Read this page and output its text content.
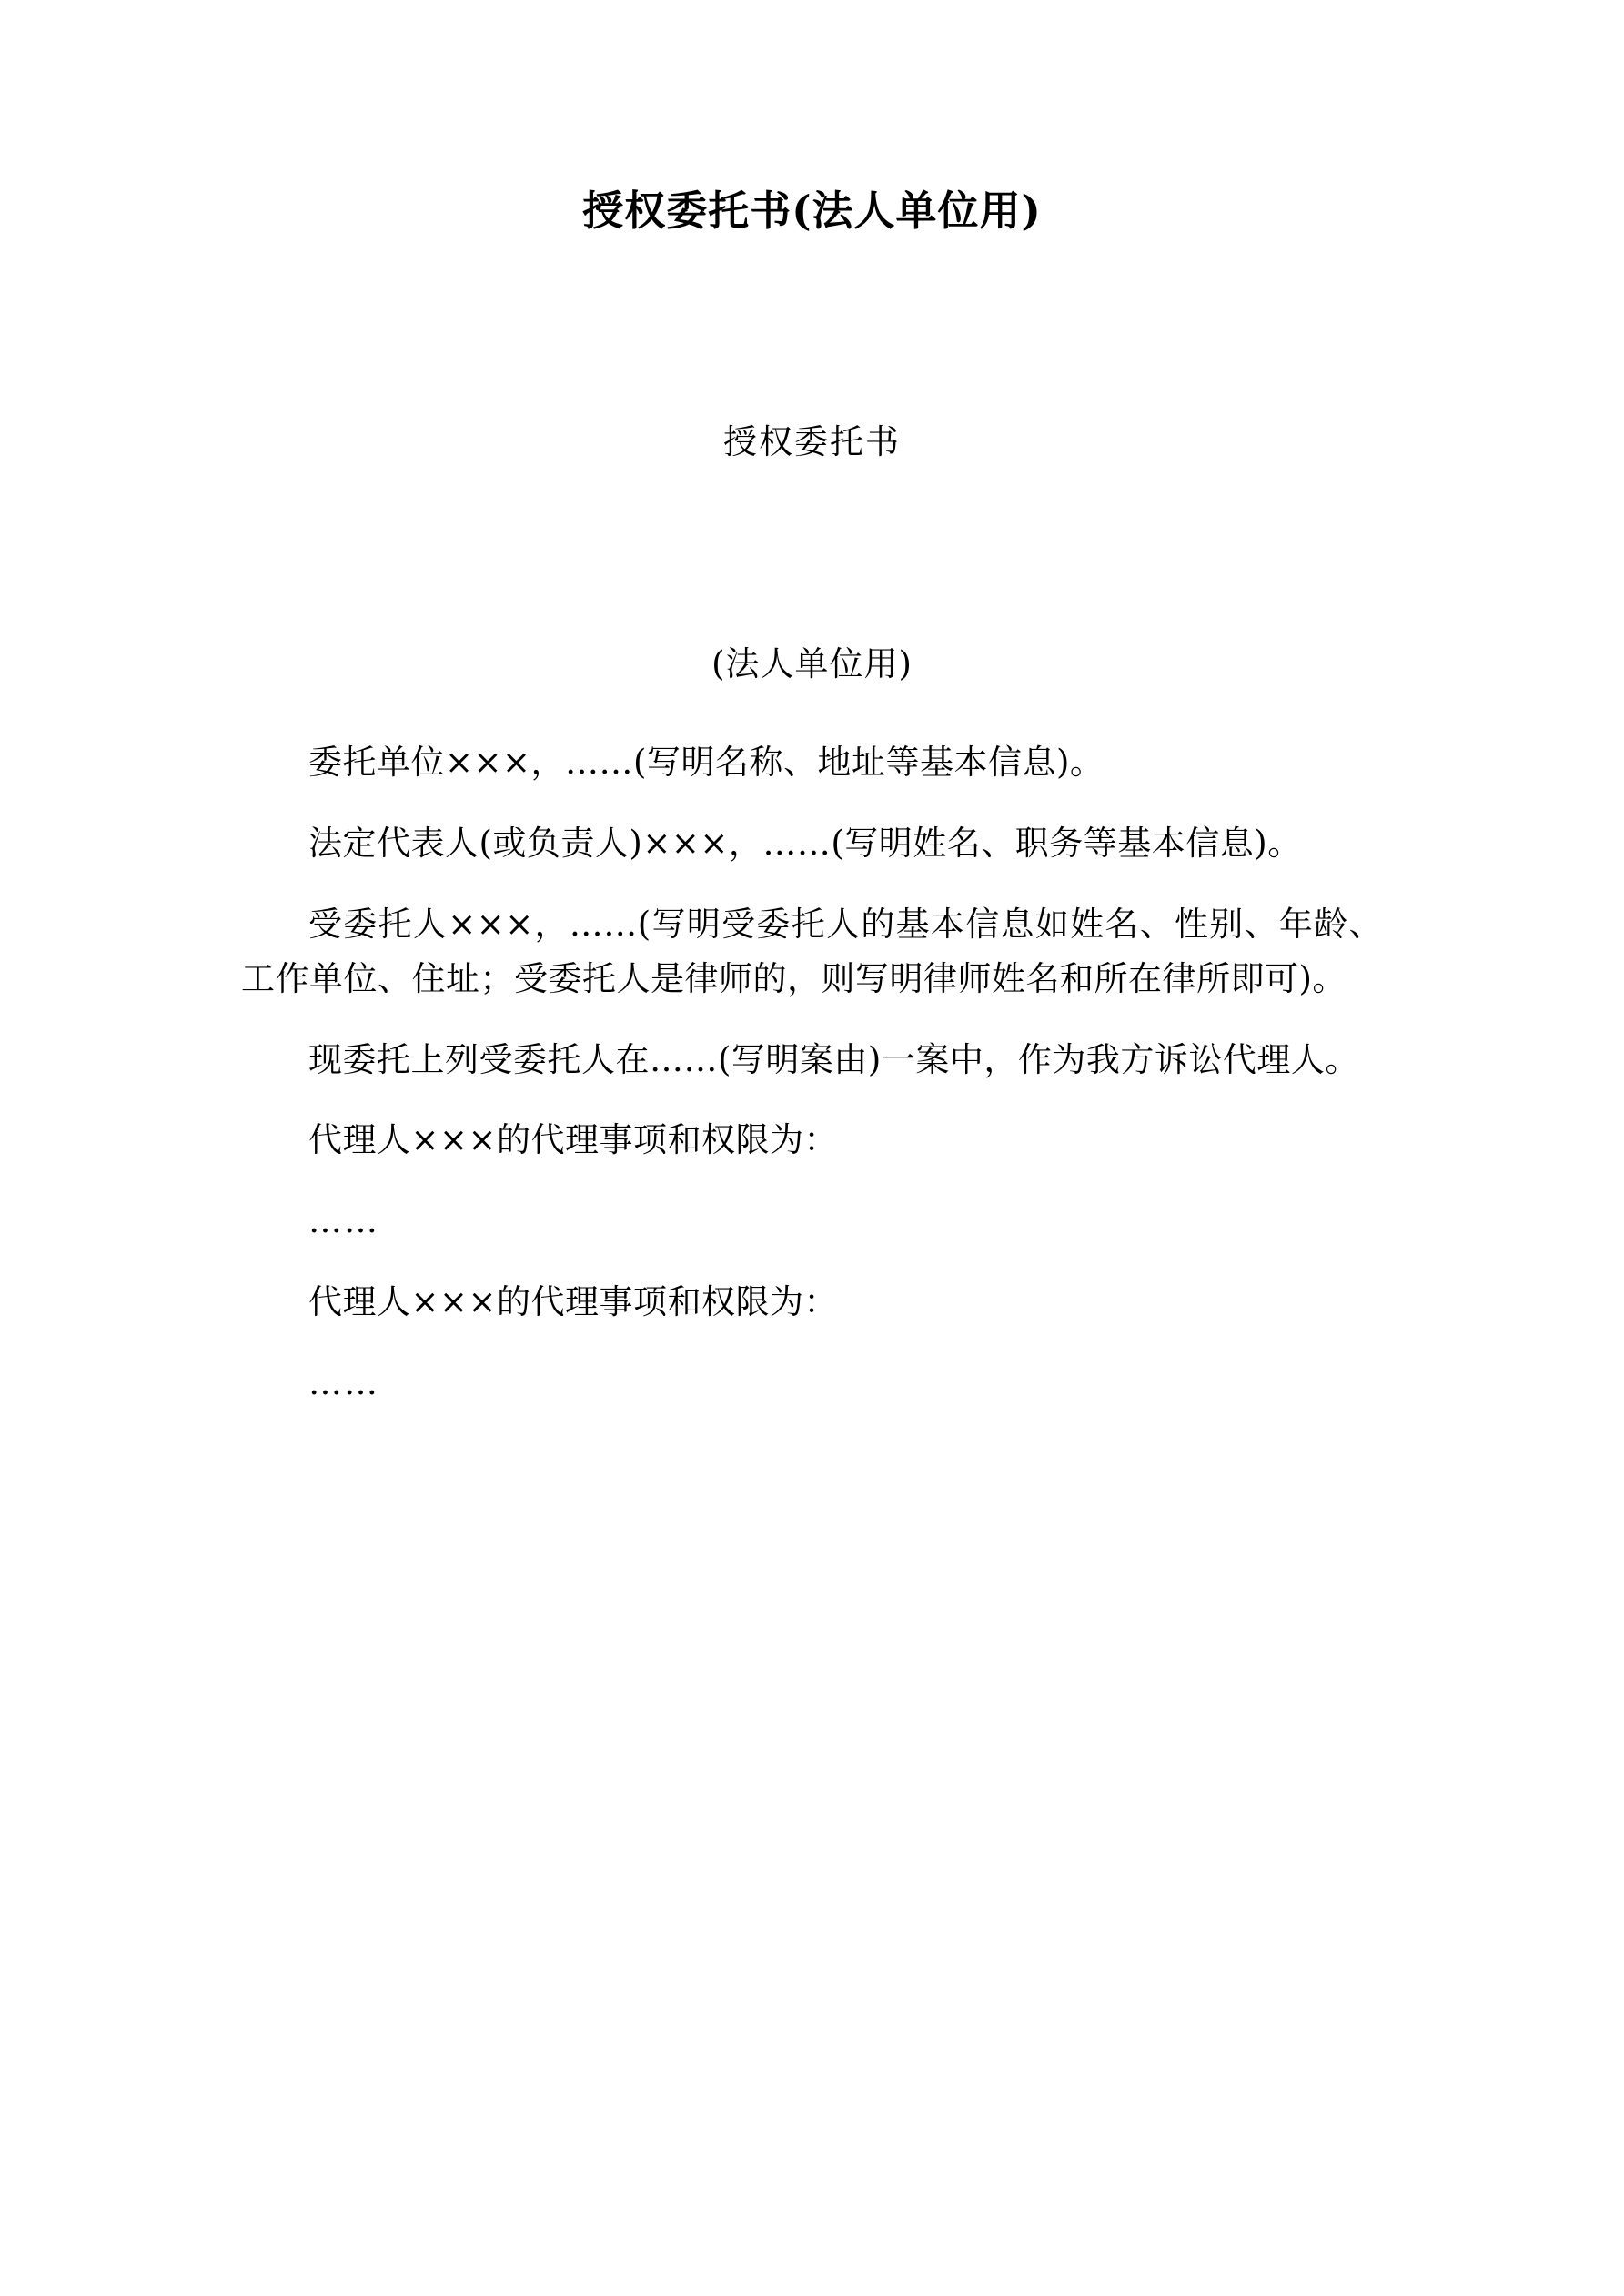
授权委托书(法人单位用)
授权委托书
(法人单位用)

委托单位×××，……(写明名称、地址等基本信息)。

法定代表人(或负责人)×××，……(写明姓名、职务等基本信息)。

受委托人×××，……(写明受委托人的基本信息如姓名、性别、年龄、工作单位、住址；受委托人是律师的，则写明律师姓名和所在律所即可)。

现委托上列受委托人在……(写明案由)一案中，作为我方诉讼代理人。

代理人×××的代理事项和权限为：

……

代理人×××的代理事项和权限为：

……
